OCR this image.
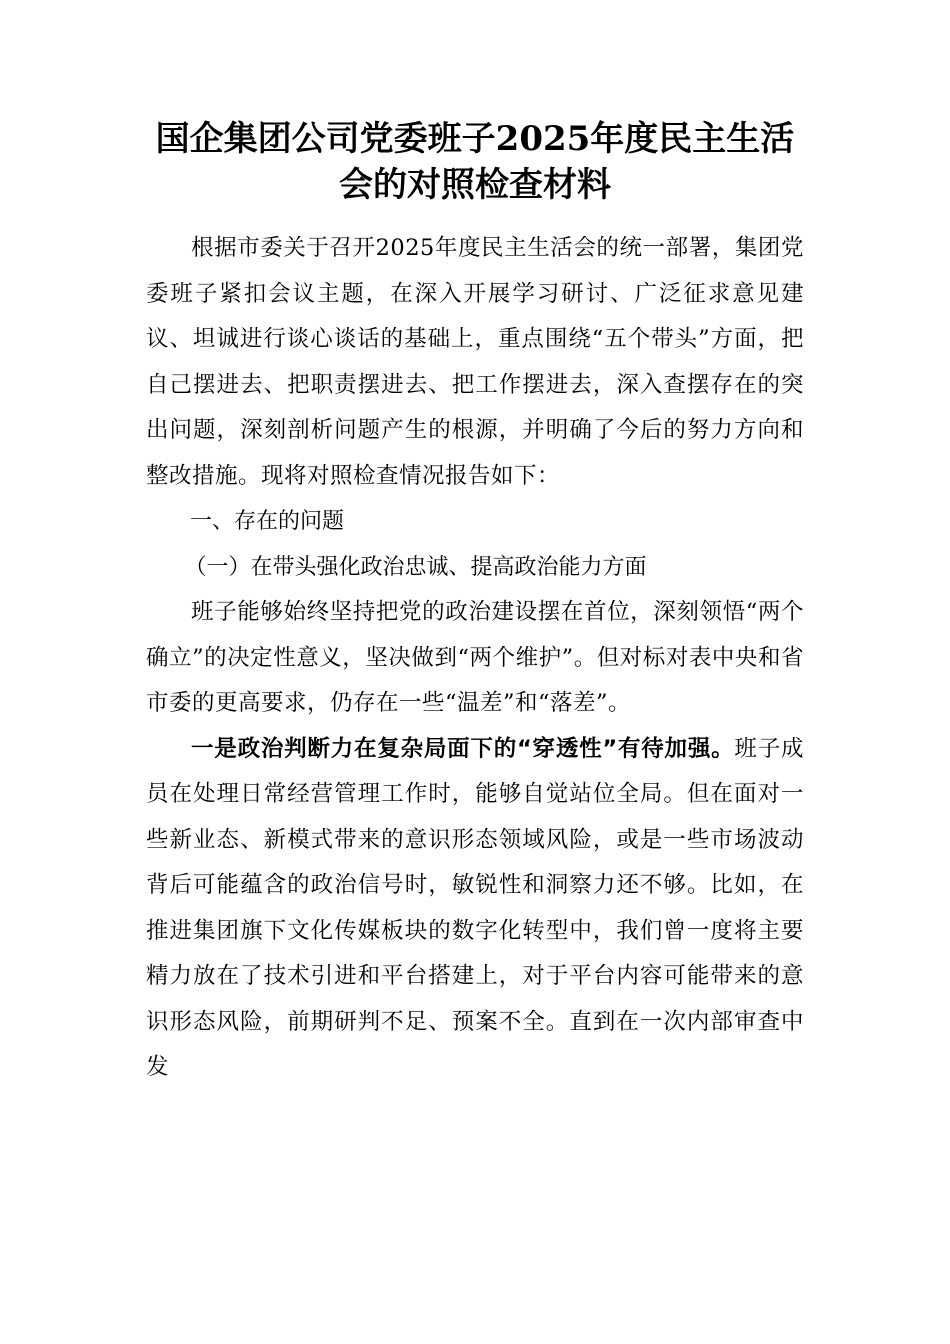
国企集团公司党委班子2025年度民主生活
会的对照检查材料

根据市委关于召开2025年度民主生活会的统一部署，集团党委班子紧扣会议主题，在深入开展学习研讨、广泛征求意见建议、坦诚进行谈心谈话的基础上，重点围绕“五个带头”方面，把自己摆进去、把职责摆进去、把工作摆进去，深入查摆存在的突出问题，深刻剖析问题产生的根源，并明确了今后的努力方向和整改措施。现将对照检查情况报告如下：

一、存在的问题

（一）在带头强化政治忠诚、提高政治能力方面

班子能够始终坚持把党的政治建设摆在首位，深刻领悟“两个确立”的决定性意义，坚决做到“两个维护”。但对标对表中央和省市委的更高要求，仍存在一些“温差”和“落差”。

一是政治判断力在复杂局面下的“穿透性”有待加强。班子成员在处理日常经营管理工作时，能够自觉站位全局。但在面对一些新业态、新模式带来的意识形态领域风险，或是一些市场波动背后可能蕴含的政治信号时，敏锐性和洞察力还不够。比如，在推进集团旗下文化传媒板块的数字化转型中，我们曾一度将主要精力放在了技术引进和平台搭建上，对于平台内容可能带来的意识形态风险，前期研判不足、预案不全。直到在一次内部审查中发
